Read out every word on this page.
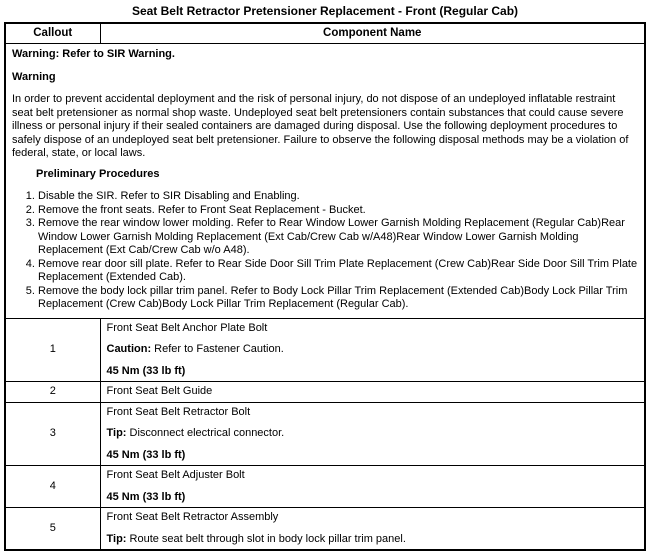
Seat Belt Retractor Pretensioner Replacement - Front (Regular Cab)
Callout	Component Name

Warning: Refer to SIR Warning.

Warning

In order to prevent accidental deployment and the risk of personal injury, do not dispose of an undeployed inflatable restraint seat belt pretensioner as normal shop waste. Undeployed seat belt pretensioners contain substances that could cause severe illness or personal injury if their sealed containers are damaged during disposal. Use the following deployment procedures to safely dispose of an undeployed seat belt pretensioner. Failure to observe the following disposal methods may be a violation of federal, state, or local laws.

Preliminary Procedures

1. Disable the SIR. Refer to SIR Disabling and Enabling.
2. Remove the front seats. Refer to Front Seat Replacement - Bucket.
3. Remove the rear window lower molding. Refer to Rear Window Lower Garnish Molding Replacement (Regular Cab)Rear Window Lower Garnish Molding Replacement (Ext Cab/Crew Cab w/A48)Rear Window Lower Garnish Molding Replacement (Ext Cab/Crew Cab w/o A48).
4. Remove rear door sill plate. Refer to Rear Side Door Sill Trim Plate Replacement (Crew Cab)Rear Side Door Sill Trim Plate Replacement (Extended Cab).
5. Remove the body lock pillar trim panel. Refer to Body Lock Pillar Trim Replacement (Extended Cab)Body Lock Pillar Trim Replacement (Crew Cab)Body Lock Pillar Trim Replacement (Regular Cab).

1	Front Seat Belt Anchor Plate Bolt

Caution: Refer to Fastener Caution.

45 Nm (33 lb ft)

2	Front Seat Belt Guide

3	Front Seat Belt Retractor Bolt

Tip: Disconnect electrical connector.

45 Nm (33 lb ft)

4	Front Seat Belt Adjuster Bolt

45 Nm (33 lb ft)

5	Front Seat Belt Retractor Assembly

Tip: Route seat belt through slot in body lock pillar trim panel.
